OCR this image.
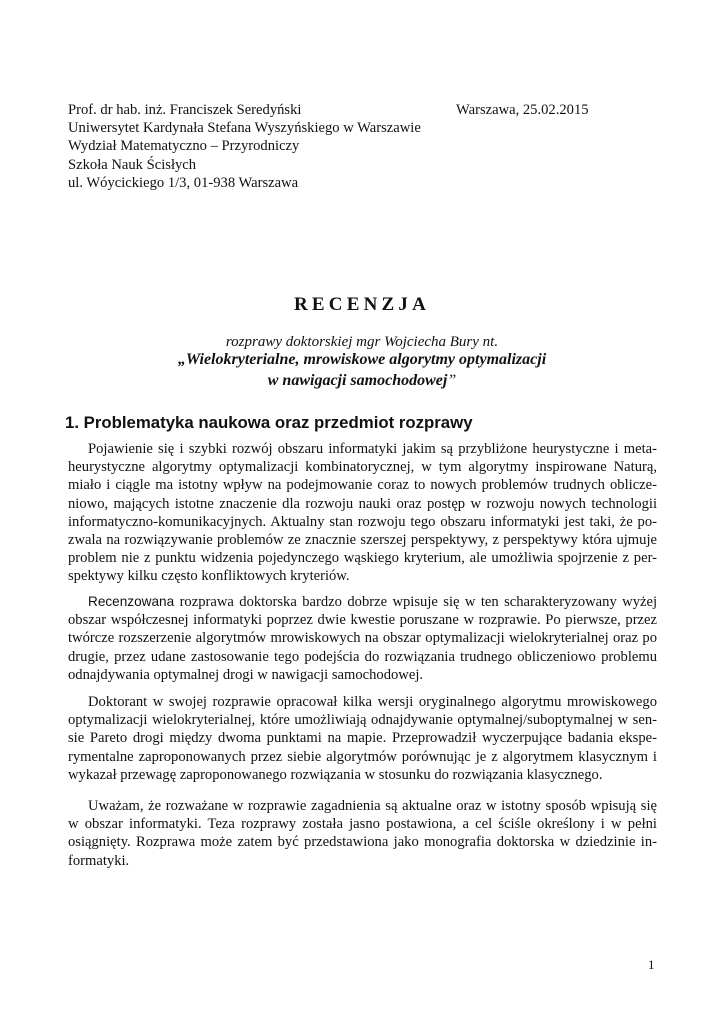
Prof. dr hab. inż. Franciszek Seredyński
Uniwersytet Kardynała Stefana Wyszyńskiego w Warszawie
Wydział Matematyczno – Przyrodniczy
Szkoła Nauk Ścisłych
ul. Wóycickiego 1/3, 01-938 Warszawa
Warszawa, 25.02.2015
RECENZJA
rozprawy doktorskiej mgr Wojciecha Bury nt.
„Wielokryterialne, mrowiskowe algorytmy optymalizacji
w nawigacji samochodowej”
1. Problematyka naukowa oraz przedmiot rozprawy
Pojawienie się i szybki rozwój obszaru informatyki jakim są przybliżone heurystyczne i meta-
heurystyczne algorytmy optymalizacji kombinatorycznej, w tym algorytmy inspirowane Naturą,
miało i ciągle ma istotny wpływ na podejmowanie coraz to nowych problemów trudnych oblicze-
niowo, mających istotne znaczenie dla rozwoju nauki oraz postęp w rozwoju nowych technologii
informatyczno-komunikacyjnych. Aktualny stan rozwoju tego obszaru informatyki jest taki, że po-
zwala na rozwiązywanie problemów ze znacznie szerszej perspektywy, z perspektywy która ujmuje
problem nie z punktu widzenia pojedynczego wąskiego kryterium, ale umożliwia spojrzenie z per-
spektywy kilku często konfliktowych kryteriów.
Recenzowana rozprawa doktorska bardzo dobrze wpisuje się w ten scharakteryzowany wyżej
obszar współczesnej informatyki poprzez dwie kwestie poruszane w rozprawie. Po pierwsze, przez
twórcze rozszerzenie algorytmów mrowiskowych na obszar optymalizacji wielokryterialnej oraz po
drugie, przez udane zastosowanie tego podejścia do rozwiązania trudnego obliczeniowo problemu
odnajdywania optymalnej drogi w nawigacji samochodowej.
Doktorant w swojej rozprawie opracował kilka wersji oryginalnego algorytmu mrowiskowego
optymalizacji wielokryterialnej, które umożliwiają odnajdywanie optymalnej/suboptymalnej w sen-
sie Pareto drogi między dwoma punktami na mapie. Przeprowadził wyczerpujące badania ekspe-
rymentalne zaproponowanych przez siebie algorytmów porównując je z algorytmem klasycznym i
wykazał przewagę zaproponowanego rozwiązania w stosunku do rozwiązania klasycznego.
Uważam, że rozważane w rozprawie zagadnienia są aktualne oraz w istotny sposób wpisują się
w obszar informatyki. Teza rozprawy została jasno postawiona, a cel ściśle określony i w pełni
osiągnięty. Rozprawa może zatem być przedstawiona jako monografia doktorska w dziedzinie in-
formatyki.
1
